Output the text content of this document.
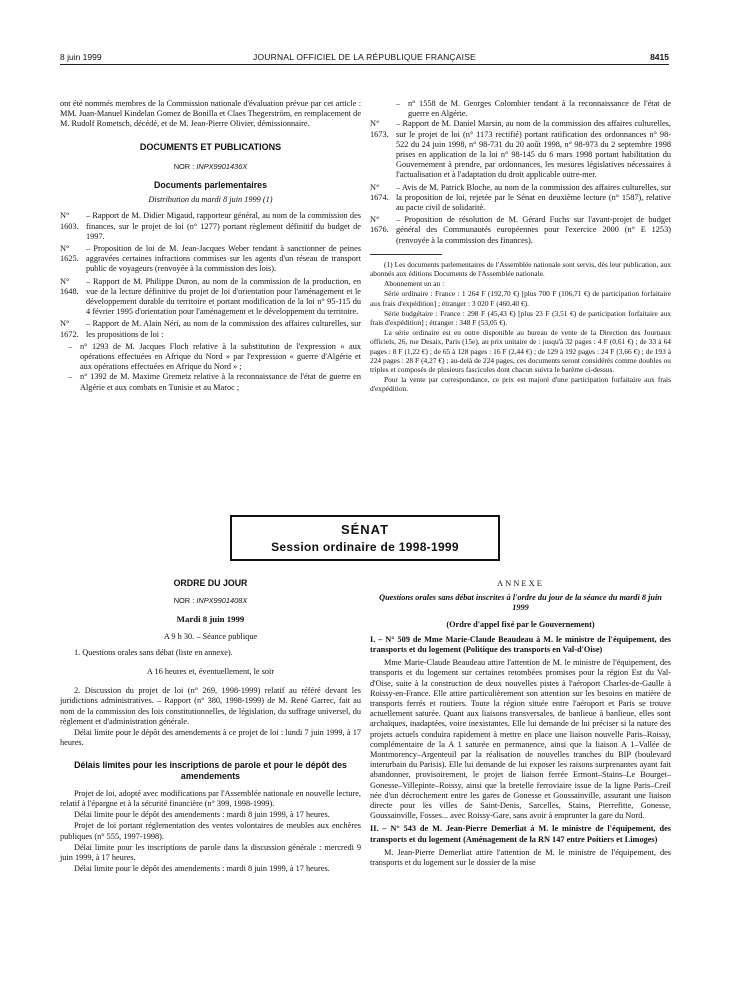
8 juin 1999	JOURNAL OFFICIEL DE LA RÉPUBLIQUE FRANÇAISE	8415

ont été nommés membres de la Commission nationale d'évaluation prévue par cet article : MM. Juan-Manuel Kindelan Gomez de Bonilla et Claes Thegerström, en remplacement de M. Rudolf Rometsch, décédé, et de M. Jean-Pierre Olivier, démissionnaire.

DOCUMENTS ET PUBLICATIONS
NOR : INPX9901436X
Documents parlementaires
Distribution du mardi 8 juin 1999 (1)
N° 1603.
– Rapport de M. Didier Migaud, rapporteur général, au nom de la commission des finances, sur le projet de loi (n° 1277) portant règlement définitif du budget de 1997.
N° 1625.
– Proposition de loi de M. Jean-Jacques Weber tendant à sanctionner de peines aggravées certaines infractions commises sur les agents d'un réseau de transport public de voyageurs (renvoyée à la commission des lois).
N° 1648.
– Rapport de M. Philippe Duron, au nom de la commission de la production, en vue de la lecture définitive du projet de loi d'orientation pour l'aménagement et le développement durable du territoire et portant modification de la loi n° 95-115 du 4 février 1995 d'orientation pour l'aménagement et le développement du territoire.
N° 1672.
– Rapport de M. Alain Néri, au nom de la commission des affaires culturelles, sur les propositions de loi :
– n° 1293 de M. Jacques Floch relative à la substitution de l'expression « aux opérations effectuées en Afrique du Nord » par l'expression « guerre d'Algérie et aux opérations effectuées en Afrique du Nord » ;
– n° 1392 de M. Maxime Gremetz relative à la reconnaissance de l'état de guerre en Algérie et aux combats en Tunisie et au Maroc ;
– n° 1558 de M. Georges Colombier tendant à la reconnaissance de l'état de guerre en Algérie.
N° 1673.
– Rapport de M. Daniel Marsin, au nom de la commission des affaires culturelles, sur le projet de loi (n° 1173 rectifié) portant ratification des ordonnances n° 98-522 du 24 juin 1998, n° 98-731 du 20 août 1998, n° 98-973 du 2 septembre 1998 prises en application de la loi n° 98-145 du 6 mars 1998 portant habilitation du Gouvernement à prendre, par ordonnances, les mesures législatives nécessaires à l'actualisation et à l'adaptation du droit applicable outre-mer.
N° 1674.
– Avis de M. Patrick Bloche, au nom de la commission des affaires culturelles, sur la proposition de loi, rejetée par le Sénat en deuxième lecture (n° 1587), relative au pacte civil de solidarité.
N° 1676.
– Proposition de résolution de M. Gérard Fuchs sur l'avant-projet de budget général des Communautés européennes pour l'exercice 2000 (n° E 1253) (renvoyée à la commission des finances).

(1) Les documents parlementaires de l'Assemblée nationale sont servis, dès leur publication, aux abonnés aux éditions Documents de l'Assemblée nationale.

Abonnement un an :

Série ordinaire : France : 1 264 F (192,70 €) [plus 700 F (106,71 €) de participation forfaitaire aux frais d'expédition] ; étranger : 3 020 F (460,40 €).

Série budgétaire : France : 298 F (45,43 €) [plus 23 F (3,51 €) de participation forfaitaire aux frais d'expédition] ; étranger : 348 F (53,05 €).

La série ordinaire est en outre disponible au bureau de vente de la Direction des Journaux officiels, 26, rue Desaix, Paris (15e), au prix unitaire de : jusqu'à 32 pages : 4 F (0,61 €) ; de 33 à 64 pages : 8 F (1,22 €) ; de 65 à 128 pages : 16 F (2,44 €) ; de 129 à 192 pages : 24 F (3,66 €) ; de 193 à 224 pages : 28 F (4,27 €) ; au-delà de 224 pages, ces documents seront considérés comme doubles ou triples et composés de plusieurs fascicules dont chacun suivra le barème ci-dessus.

Pour la vente par correspondance, ce prix est majoré d'une participation forfaitaire aux frais d'expédition.

SÉNAT
Session ordinaire de 1998-1999
ORDRE DU JOUR
NOR : INPX9901408X
Mardi 8 juin 1999

A 9 h 30. – Séance publique

1. Questions orales sans débat (liste en annexe).

A 16 heures et, éventuellement, le soir

2. Discussion du projet de loi (n° 269, 1998-1999) relatif au référé devant les juridictions administratives. – Rapport (n° 380, 1998-1999) de M. René Garrec, fait au nom de la commission des lois constitutionnelles, de législation, du suffrage universel, du règlement et d'administration générale.

Délai limite pour le dépôt des amendements à ce projet de loi : lundi 7 juin 1999, à 17 heures.

Délais limites pour les inscriptions de parole et pour le dépôt des amendements

Projet de loi, adopté avec modifications par l'Assemblée nationale en nouvelle lecture, relatif à l'épargne et à la sécurité financière (n° 399, 1998-1999).

Délai limite pour le dépôt des amendements : mardi 8 juin 1999, à 17 heures.

Projet de loi portant réglementation des ventes volontaires de meubles aux enchères publiques (n° 555, 1997-1998).

Délai limite pour les inscriptions de parole dans la discussion générale : mercredi 9 juin 1999, à 17 heures.

Délai limite pour le dépôt des amendements : mardi 8 juin 1999, à 17 heures.

ANNEXE
Questions orales sans débat inscrites à l'ordre du jour de la séance du mardi 8 juin 1999

(Ordre d'appel fixé par le Gouvernement)

I. – N° 509 de Mme Marie-Claude Beaudeau à M. le ministre de l'équipement, des transports et du logement (Politique des transports en Val-d'Oise)

Mme Marie-Claude Beaudeau attire l'attention de M. le ministre de l'équipement, des transports et du logement sur certaines retombées promises pour la région Est du Val-d'Oise, suite à la construction de deux nouvelles pistes à l'aéroport Charles-de-Gaulle à Roissy-en-France. Elle attire particulièrement son attention sur les besoins en matière de transports ferrés et routiers. Toute la région située entre l'aéroport et Paris se trouve actuellement saturée. Quant aux liaisons transversales, de banlieue à banlieue, elles sont archaïques, inadaptées, voire inexistantes. Elle lui demande de lui préciser si la nature des projets actuels conduira rapidement à mettre en place une liaison nouvelle Paris–Roissy, complémentaire de la A 1 saturée en permanence, ainsi que la liaison A 1–Vallée de Montmorency–Argenteuil par la réalisation de nouvelles tranches du BIP (boulevard interurbain du Parisis). Elle lui demande de lui exposer les raisons surprenantes ayant fait abandonner, provisoirement, le projet de liaison ferrée Ermont–Stains–Le Bourget–Gonesse–Villepinte–Roissy, ainsi que la bretelle ferroviaire issue de la ligne Paris–Creil née d'un décrochement entre les gares de Gonesse et Goussainville, assurant une liaison directe pour les villes de Saint-Denis, Sarcelles, Stains, Pierrefitte, Gonesse, Goussainville, Fosses... avec Roissy-Gare, sans avoir à emprunter la gare du Nord.

II. – N° 543 de M. Jean-Pierre Demerliat à M. le ministre de l'équipement, des transports et du logement (Aménagement de la RN 147 entre Poitiers et Limoges)

M. Jean-Pierre Demerliat attire l'attention de M. le ministre de l'équipement, des transports et du logement sur le dossier de la mise
